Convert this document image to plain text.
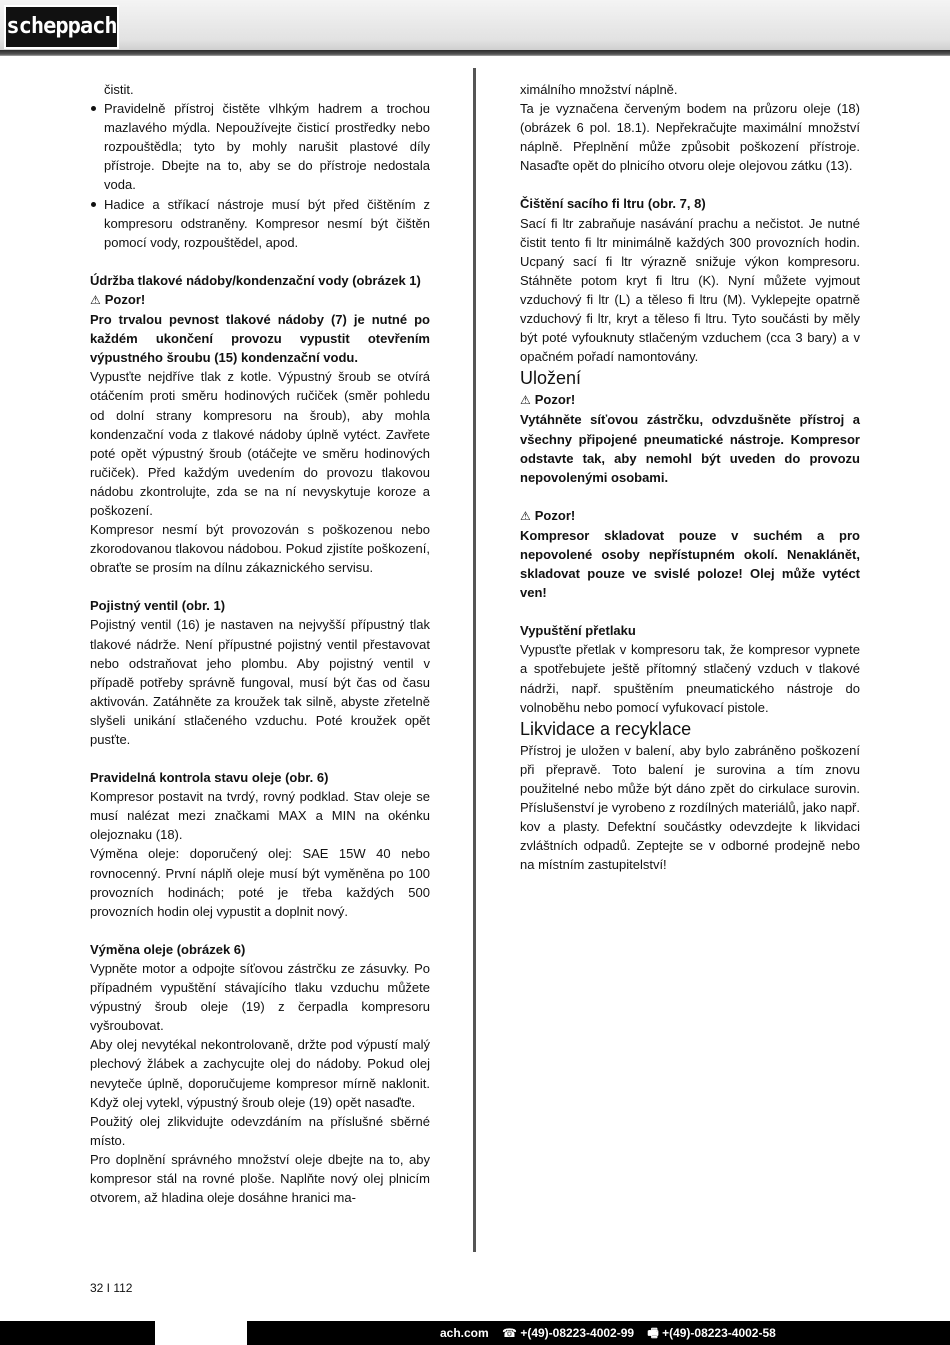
scheppach

čistit.

Pravidelně přístroj čistěte vlhkým hadrem a trochou mazlavého mýdla. Nepoužívejte čisticí prostředky nebo rozpouštědla; tyto by mohly narušit plastové díly přístroje. Dbejte na to, aby se do přístroje nedostala voda.
Hadice a stříkací nástroje musí být před čištěním z kompresoru odstraněny. Kompresor nesmí být čištěn pomocí vody, rozpouštědel, apod.

Údržba tlakové nádoby/kondenzační vody (obrázek 1)

⚠ Pozor!

Pro trvalou pevnost tlakové nádoby (7) je nutné po každém ukončení provozu vypustit otevřením výpustného šroubu (15) kondenzační vodu.

Vypusťte nejdříve tlak z kotle. Výpustný šroub se otvírá otáčením proti směru hodinových ručiček (směr pohledu od dolní strany kompresoru na šroub), aby mohla kondenzační voda z tlakové nádoby úplně vytéct. Zavřete poté opět výpustný šroub (otáčejte ve směru hodinových ručiček). Před každým uvedením do provozu tlakovou nádobu zkontrolujte, zda se na ní nevyskytuje koroze a poškození.

Kompresor nesmí být provozován s poškozenou nebo zkorodovanou tlakovou nádobou. Pokud zjistíte poškození, obraťte se prosím na dílnu zákaznického servisu.

Pojistný ventil (obr. 1)

Pojistný ventil (16) je nastaven na nejvyšší přípustný tlak tlakové nádrže. Není přípustné pojistný ventil přestavovat nebo odstraňovat jeho plombu. Aby pojistný ventil v případě potřeby správně fungoval, musí být čas od času aktivován. Zatáhněte za kroužek tak silně, abyste zřetelně slyšeli unikání stlačeného vzduchu. Poté kroužek opět pusťte.

Pravidelná kontrola stavu oleje (obr. 6)

Kompresor postavit na tvrdý, rovný podklad. Stav oleje se musí nalézat mezi značkami MAX a MIN na okénku olejoznaku (18).

Výměna oleje: doporučený olej: SAE 15W 40 nebo rovnocenný. První náplň oleje musí být vyměněna po 100 provozních hodinách; poté je třeba každých 500 provozních hodin olej vypustit a doplnit nový.

Výměna oleje (obrázek 6)

Vypněte motor a odpojte síťovou zástrčku ze zásuvky. Po případném vypuštění stávajícího tlaku vzduchu můžete výpustný šroub oleje (19) z čerpadla kompresoru vyšroubovat.

Aby olej nevytékal nekontrolovaně, držte pod výpustí malý plechový žlábek a zachycujte olej do nádoby. Pokud olej nevyteče úplně, doporučujeme kompresor mírně naklonit. Když olej vytekl, výpustný šroub oleje (19) opět nasaďte.

Použitý olej zlikvidujte odevzdáním na příslušné sběrné místo.

Pro doplnění správného množství oleje dbejte na to, aby kompresor stál na rovné ploše. Naplňte nový olej plnicím otvorem, až hladina oleje dosáhne hranici ma-

ximálního množství náplně.

Ta je vyznačena červeným bodem na průzoru oleje (18) (obrázek 6 pol. 18.1). Nepřekračujte maximální množství náplně. Přeplnění může způsobit poškození přístroje. Nasaďte opět do plnicího otvoru oleje olejovou zátku (13).

Čištění sacího fi ltru (obr. 7, 8)

Sací fi ltr zabraňuje nasávání prachu a nečistot. Je nutné čistit tento fi ltr minimálně každých 300 provozních hodin. Ucpaný sací fi ltr výrazně snižuje výkon kompresoru. Stáhněte potom kryt fi ltru (K). Nyní můžete vyjmout vzduchový fi ltr (L) a těleso fi ltru (M). Vyklepejte opatrně vzduchový fi ltr, kryt a těleso fi ltru. Tyto součásti by měly být poté vyfouknuty stlačeným vzduchem (cca 3 bary) a v opačném pořadí namontovány.

Uložení

⚠ Pozor!

Vytáhněte síťovou zástrčku, odvzdušněte přístroj a všechny připojené pneumatické nástroje. Kompresor odstavte tak, aby nemohl být uveden do provozu nepovolenými osobami.

⚠ Pozor!

Kompresor skladovat pouze v suchém a pro nepovolené osoby nepřístupném okolí. Nenaklánět, skladovat pouze ve svislé poloze! Olej může vytéct ven!

Vypuštění přetlaku

Vypusťte přetlak v kompresoru tak, že kompresor vypnete a spotřebujete ještě přítomný stlačený vzduch v tlakové nádrži, např. spuštěním pneumatického nástroje do volnoběhu nebo pomocí vyfukovací pistole.

Likvidace a recyklace

Přístroj je uložen v balení, aby bylo zabráněno poškození při přepravě. Toto balení je surovina a tím znovu použitelné nebo může být dáno zpět do cirkulace surovin. Příslušenství je vyrobeno z rozdílných materiálů, jako např. kov a plasty. Defektní součástky odevzdejte k likvidaci zvláštních odpadů. Zeptejte se v odborné prodejně nebo na místním zastupitelství!

32 I 112
ach.com ☎ +(49)-08223-4002-99 🖷 +(49)-08223-4002-58
